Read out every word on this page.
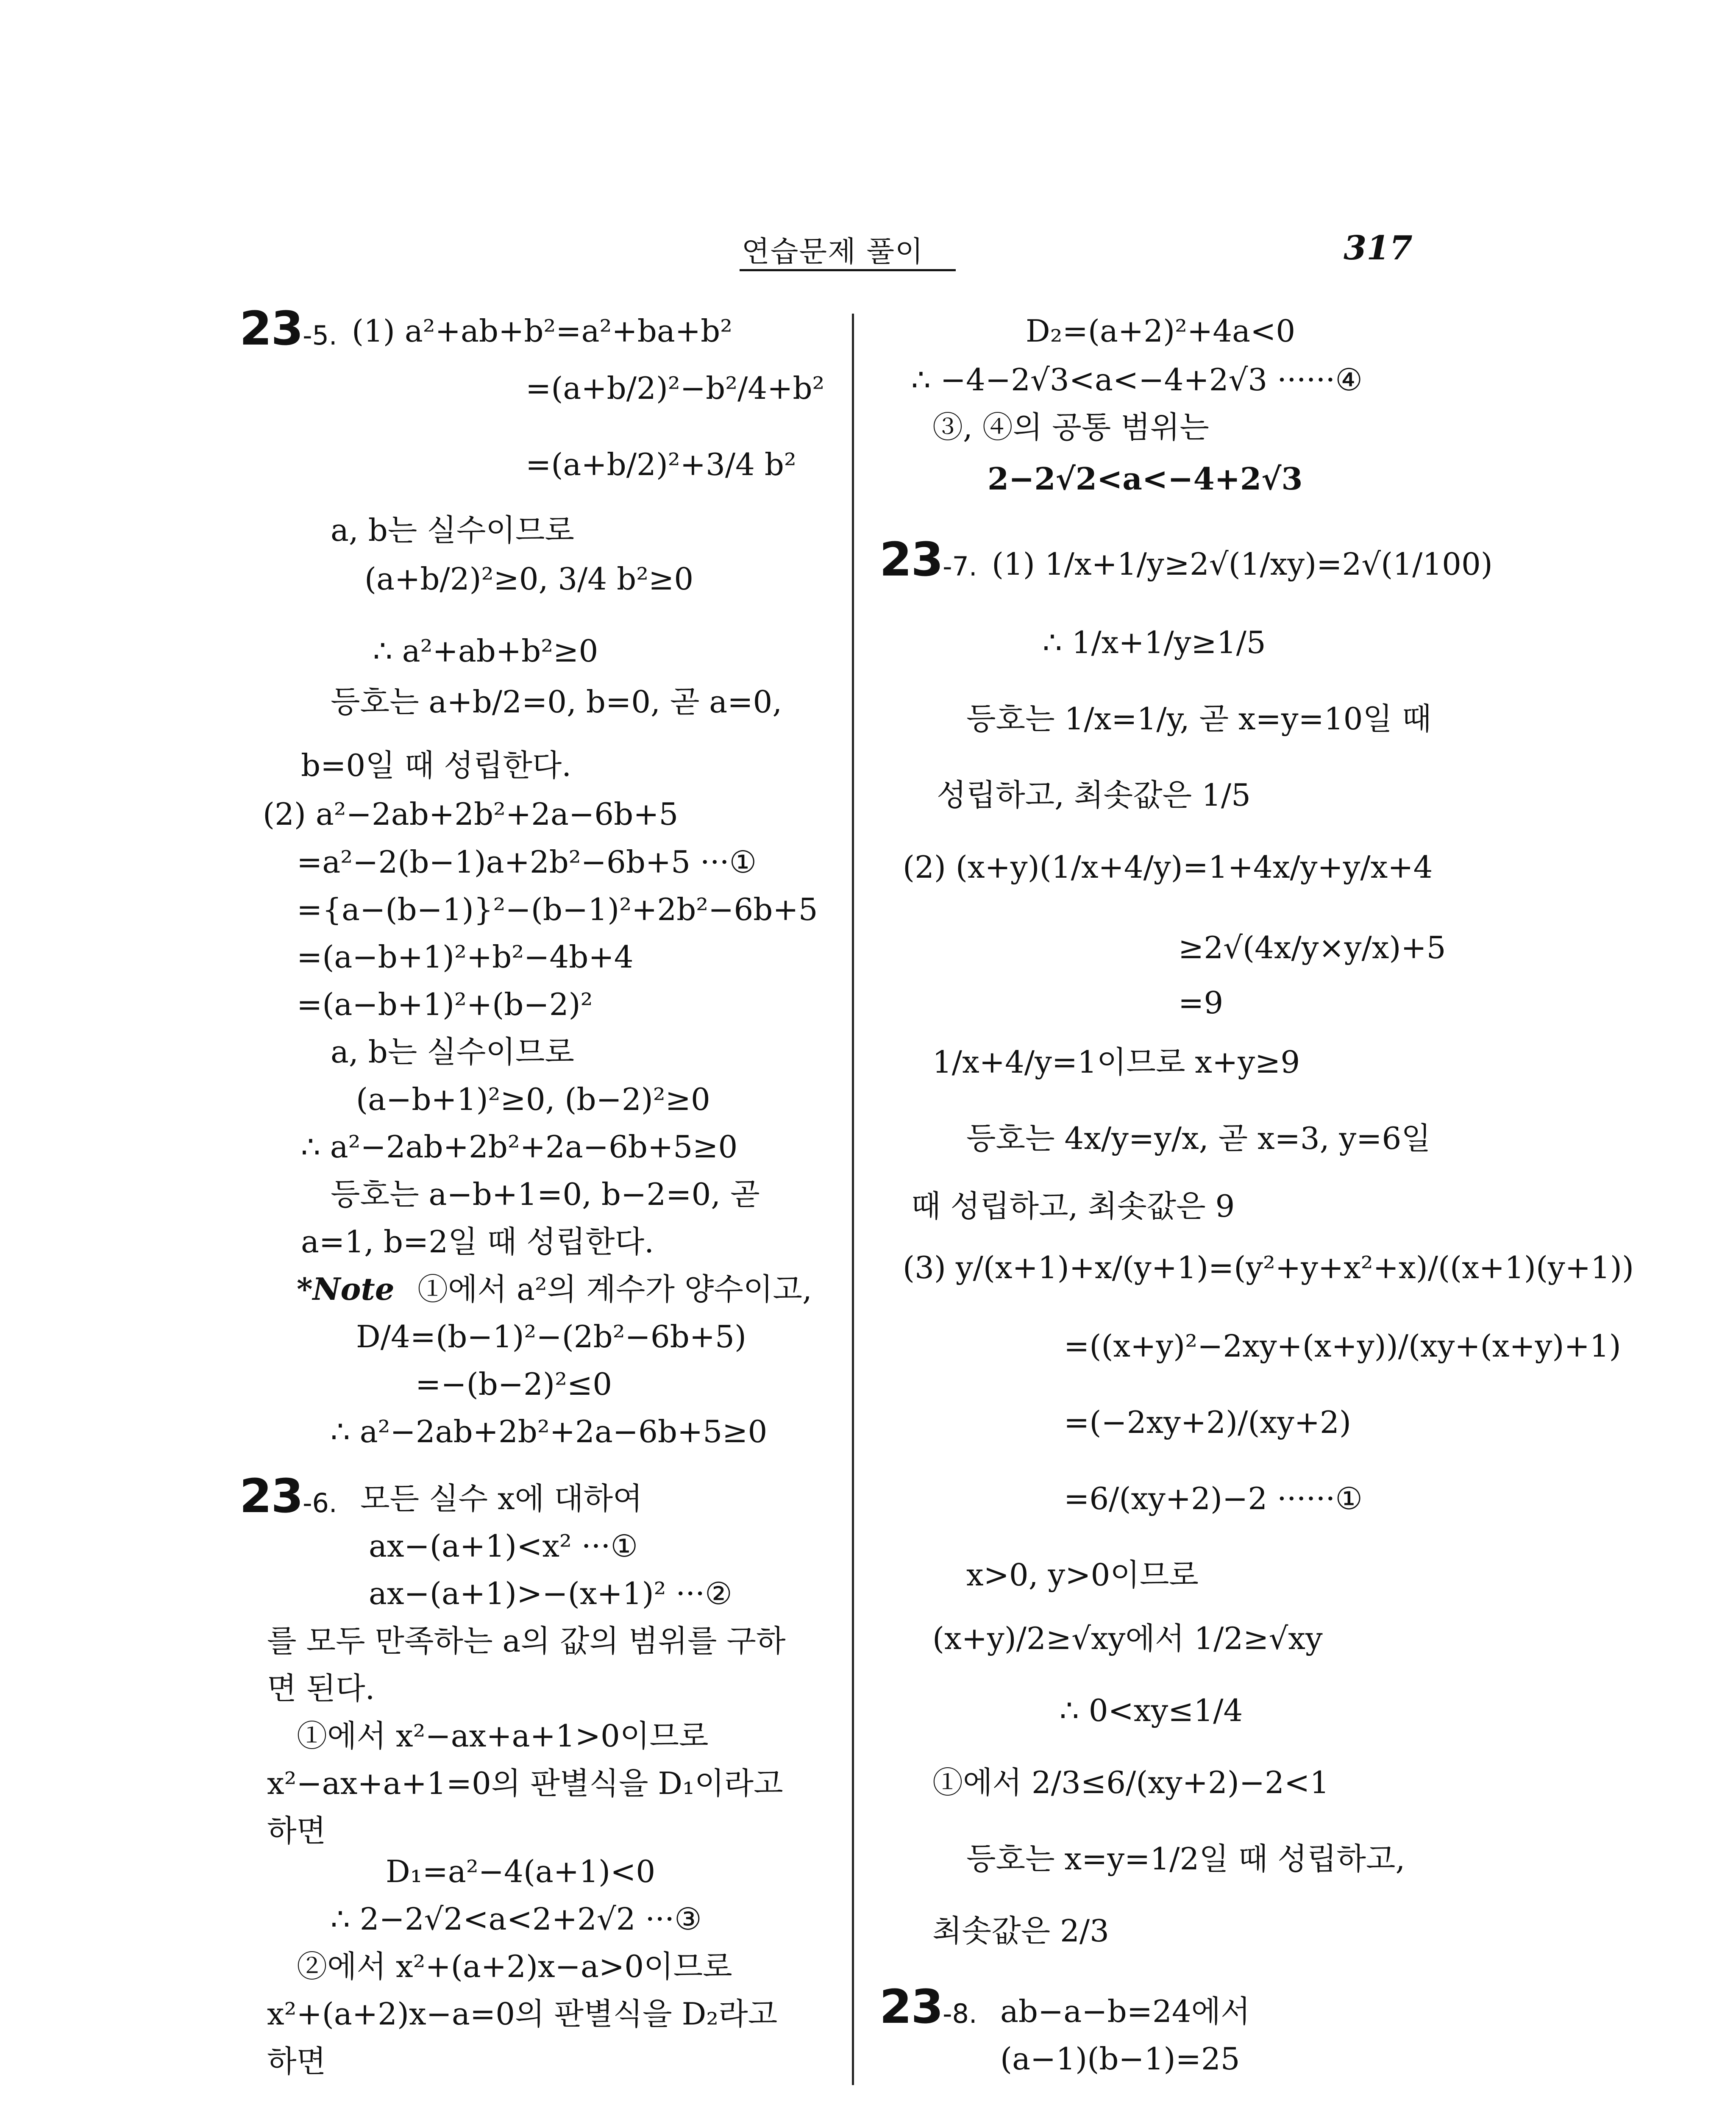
연습문제 풀이	317
23-5. (1) a²+ab+b²=a²+ba+b²
=(a+b/2)²−b²/4+b²
=(a+b/2)²+3/4 b²
a, b는 실수이므로
(a+b/2)²≥0, 3/4 b²≥0
∴ a²+ab+b²≥0
등호는 a+b/2=0, b=0, 곧 a=0,
b=0일 때 성립한다.
(2) a²−2ab+2b²+2a−6b+5
=a²−2(b−1)a+2b²−6b+5 ···①
={a−(b−1)}²−(b−1)²+2b²−6b+5
=(a−b+1)²+b²−4b+4
=(a−b+1)²+(b−2)²
a, b는 실수이므로
(a−b+1)²≥0, (b−2)²≥0
∴ a²−2ab+2b²+2a−6b+5≥0
등호는 a−b+1=0, b−2=0, 곧
a=1, b=2일 때 성립한다.
*Note ①에서 a²의 계수가 양수이고,
D/4=(b−1)²−(2b²−6b+5)
=−(b−2)²≤0
∴ a²−2ab+2b²+2a−6b+5≥0
23-6. 모든 실수 x에 대하여
ax−(a+1)<x² ···①
ax−(a+1)>−(x+1)² ···②
를 모두 만족하는 a의 값의 범위를 구하
면 된다.
①에서 x²−ax+a+1>0이므로
x²−ax+a+1=0의 판별식을 D₁이라고
하면
D₁=a²−4(a+1)<0
∴ 2−2√2<a<2+2√2 ···③
②에서 x²+(a+2)x−a>0이므로
x²+(a+2)x−a=0의 판별식을 D₂라고
하면
D₂=(a+2)²+4a<0
∴ −4−2√3<a<−4+2√3 ······④
③, ④의 공통 범위는
2−2√2<a<−4+2√3
23-7. (1) 1/x+1/y≥2√(1/xy)=2√(1/100)
∴ 1/x+1/y≥1/5
등호는 1/x=1/y, 곧 x=y=10일 때
성립하고, 최솟값은 1/5
(2) (x+y)(1/x+4/y)=1+4x/y+y/x+4
≥2√(4x/y×y/x)+5
=9
1/x+4/y=1이므로 x+y≥9
등호는 4x/y=y/x, 곧 x=3, y=6일
때 성립하고, 최솟값은 9
(3) y/(x+1)+x/(y+1)=(y²+y+x²+x)/((x+1)(y+1))
=((x+y)²−2xy+(x+y))/(xy+(x+y)+1)
=(−2xy+2)/(xy+2)
=6/(xy+2)−2 ······①
x>0, y>0이므로
(x+y)/2≥√xy에서 1/2≥√xy
∴ 0<xy≤1/4
①에서 2/3≤6/(xy+2)−2<1
등호는 x=y=1/2일 때 성립하고,
최솟값은 2/3
23-8. ab−a−b=24에서
(a−1)(b−1)=25
